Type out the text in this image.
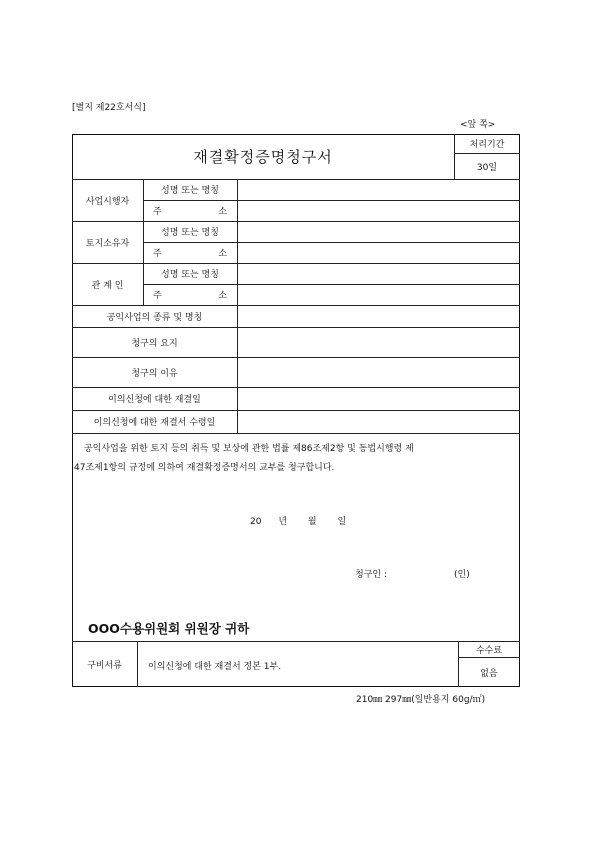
[별지 제22호서식]
<앞 쪽>
재결확정증명청구서
처리기간
30일
사업시행자
성명 또는 명칭
주	소
토지소유자
성명 또는 명칭
주	소
관 계 인
성명 또는 명칭
주	소
공익사업의 종류 및 명칭
청구의 요지
청구의 이유
이의신청에 대한 재결일
이의신청에 대한 재결서 수령일
공익사업을 위한 토지 등의 취득 및 보상에 관한 법률 제86조제2항 및 동법시행령 제
47조제1항의 규정에 의하여 재결확정증명서의 교부를 청구합니다.
20 년 월 일
청구인 :	(인)
ООО수용위원회 위원장 귀하
구비서류	이의신청에 대한 재결서 정본 1부.
수수료
없음
210㎜ 297㎜(일반용지 60g/㎡)
